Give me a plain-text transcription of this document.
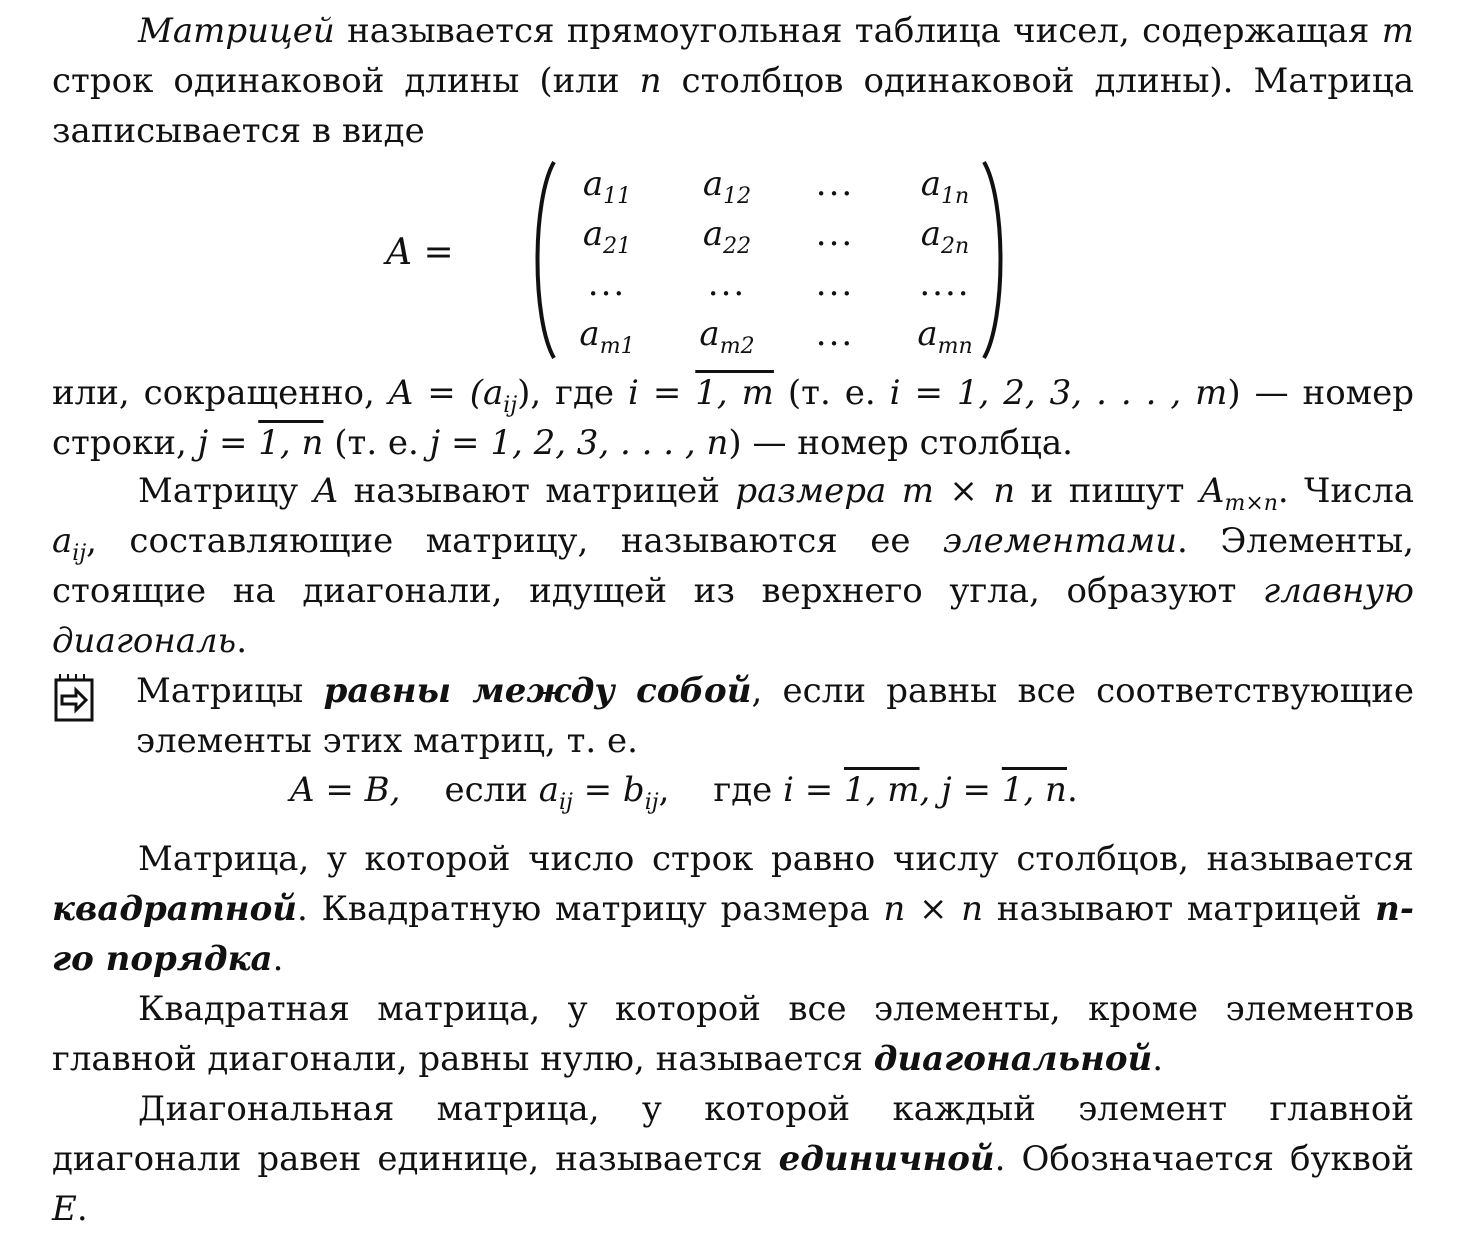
Матрицей называется прямоугольная таблица чисел, содержащая m строк одинаковой длины (или n столбцов одинаковой длины). Матрица записывается в виде

A =
$a_{11}$	$a_{12}$	...	$a_{1n}$
$a_{21}$	$a_{22}$	...	$a_{2n}$
...	...	...	....
$a_{m1}$	$a_{m2}$	...	$a_{mn}$

или, сокращенно, $A = (a_{ij})$, где i = 1, m (т. е. i = 1, 2, 3, . . . , m) — номер строки, j = 1, n (т. е. j = 1, 2, 3, . . . , n) — номер столбца.

Матрицу A называют матрицей размера m × n и пишут $A_{m\times n}$. Числа $a_{ij}$, составляющие матрицу, называются ее элементами. Элементы, стоящие на диагонали, идущей из верхнего угла, образуют главную диагональ.

Матрицы равны между собой, если равны все соответствующие элементы этих матриц, т. е.

A = B, если $a_{ij} = b_{ij}$, где i = 1, m, j = 1, n.

Матрица, у которой число строк равно числу столбцов, называется квадратной. Квадратную матрицу размера n × n называют матрицей n-го порядка.

Квадратная матрица, у которой все элементы, кроме элементов главной диагонали, равны нулю, называется диагональной.

Диагональная матрица, у которой каждый элемент главной диагонали равен единице, называется единичной. Обозначается буквой E.
